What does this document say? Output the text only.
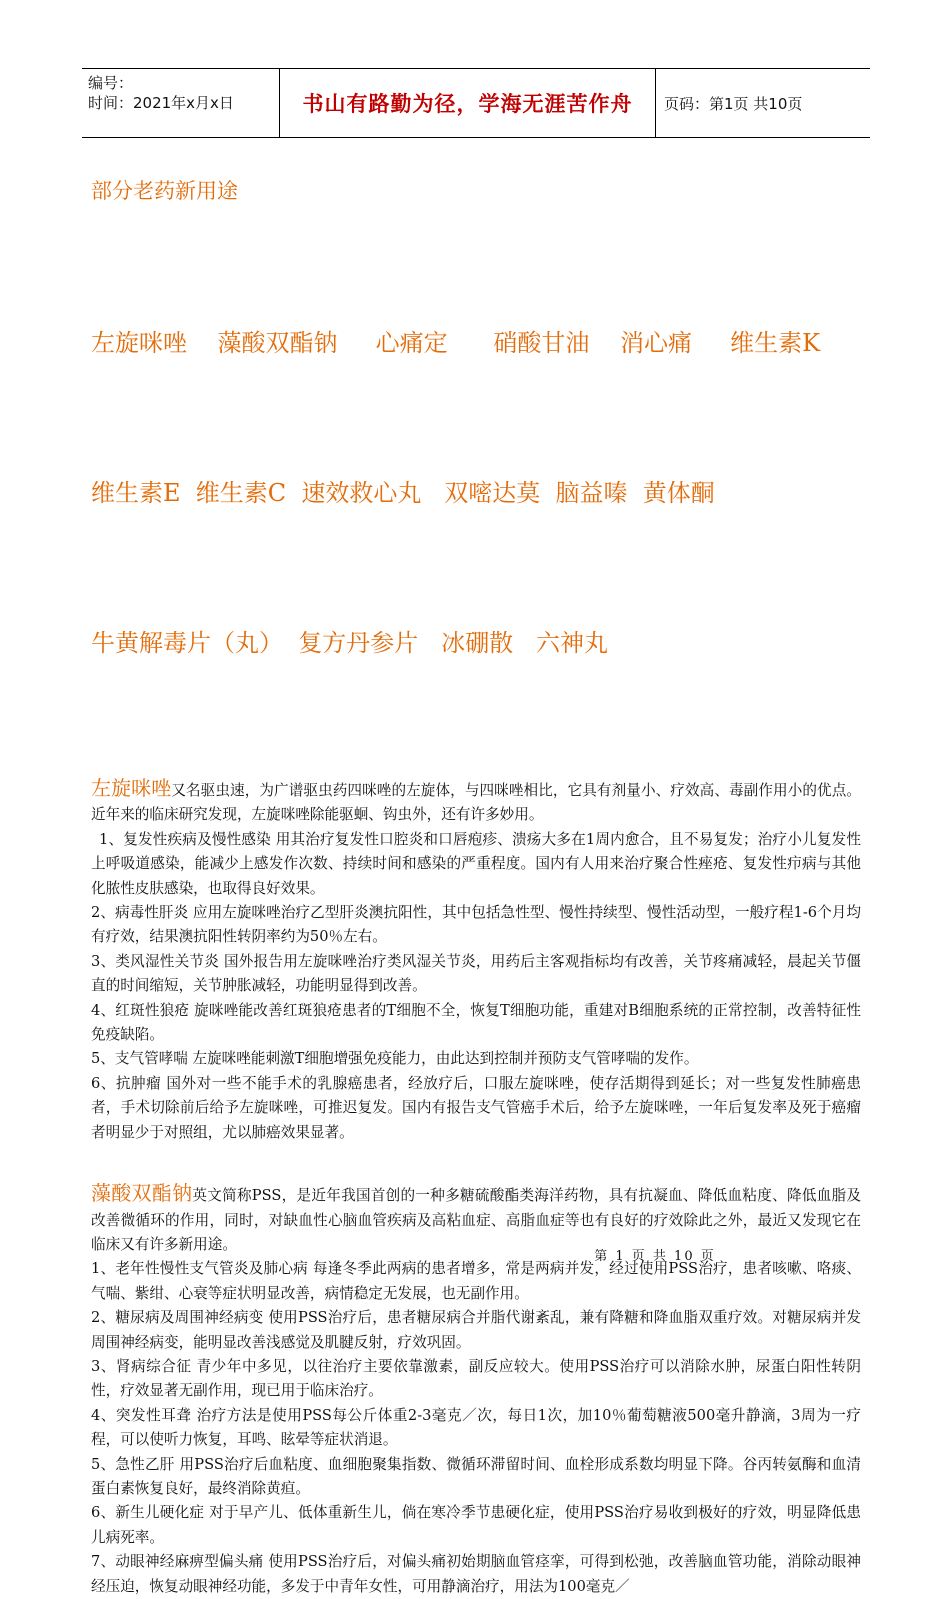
编号：
时间：2021年x月x日	书山有路勤为径，学海无涯苦作舟	页码：第1页 共10页
部分老药新用途

左旋咪唑    藻酸双酯钠     心痛定      硝酸甘油    消心痛     维生素K

维生素E  维生素C  速效救心丸   双嘧达莫  脑益嗪  黄体酮

牛黄解毒片（丸）  复方丹参片   冰硼散   六神丸

左旋咪唑又名驱虫速，为广谱驱虫药四咪唑的左旋体，与四咪唑相比，它具有剂量小、疗效高、毒副作用小的优点。近年来的临床研究发现，左旋咪唑除能驱蛔、钩虫外，还有许多妙用。

1、复发性疾病及慢性感染 用其治疗复发性口腔炎和口唇疱疹、溃疡大多在1周内愈合，且不易复发；治疗小儿复发性上呼吸道感染，能减少上感发作次数、持续时间和感染的严重程度。国内有人用来治疗聚合性痤疮、复发性疖病与其他化脓性皮肤感染，也取得良好效果。

2、病毒性肝炎 应用左旋咪唑治疗乙型肝炎澳抗阳性，其中包括急性型、慢性持续型、慢性活动型，一般疗程1-6个月均有疗效，结果澳抗阳性转阴率约为50％左右。

3、类风湿性关节炎 国外报告用左旋咪唑治疗类风湿关节炎，用药后主客观指标均有改善，关节疼痛减轻，晨起关节僵直的时间缩短，关节肿胀减轻，功能明显得到改善。

4、红斑性狼疮 旋咪唑能改善红斑狼疮患者的T细胞不全，恢复T细胞功能，重建对B细胞系统的正常控制，改善特征性免疫缺陷。

5、支气管哮喘 左旋咪唑能刺激T细胞增强免疫能力，由此达到控制并预防支气管哮喘的发作。

6、抗肿瘤 国外对一些不能手术的乳腺癌患者，经放疗后，口服左旋咪唑，使存活期得到延长；对一些复发性肺癌患者，手术切除前后给予左旋咪唑，可推迟复发。国内有报告支气管癌手术后，给予左旋咪唑，一年后复发率及死于癌瘤者明显少于对照组，尤以肺癌效果显著。

藻酸双酯钠英文简称PSS，是近年我国首创的一种多糖硫酸酯类海洋药物，具有抗凝血、降低血粘度、降低血脂及改善微循环的作用，同时，对缺血性心脑血管疾病及高粘血症、高脂血症等也有良好的疗效除此之外，最近又发现它在临床又有许多新用途。

1、老年性慢性支气管炎及肺心病 每逢冬季此两病的患者增多，常是两病并发，经过使用PSS治疗，患者咳嗽、咯痰、气喘、紫绀、心衰等症状明显改善，病情稳定无发展，也无副作用。

2、糖尿病及周围神经病变 使用PSS治疗后，患者糖尿病合并脂代谢紊乱，兼有降糖和降血脂双重疗效。对糖尿病并发周围神经病变，能明显改善浅感觉及肌腱反射，疗效巩固。

3、肾病综合征 青少年中多见，以往治疗主要依靠激素，副反应较大。使用PSS治疗可以消除水肿，尿蛋白阳性转阴性，疗效显著无副作用，现已用于临床治疗。

4、突发性耳聋 治疗方法是使用PSS每公斤体重2-3毫克／次，每日1次，加10％葡萄糖液500毫升静滴，3周为一疗程，可以使听力恢复，耳鸣、眩晕等症状消退。

5、急性乙肝 用PSS治疗后血粘度、血细胞聚集指数、微循环滞留时间、血栓形成系数均明显下降。谷丙转氨酶和血清蛋白素恢复良好，最终消除黄疸。

6、新生儿硬化症 对于早产儿、低体重新生儿，倘在寒冷季节患硬化症，使用PSS治疗易收到极好的疗效，明显降低患儿病死率。

7、动眼神经麻痹型偏头痛 使用PSS治疗后，对偏头痛初始期脑血管痉挛，可得到松弛，改善脑血管功能，消除动眼神经压迫，恢复动眼神经功能，多发于中青年女性，可用静滴治疗，用法为100毫克／

第 1 页 共 10 页
